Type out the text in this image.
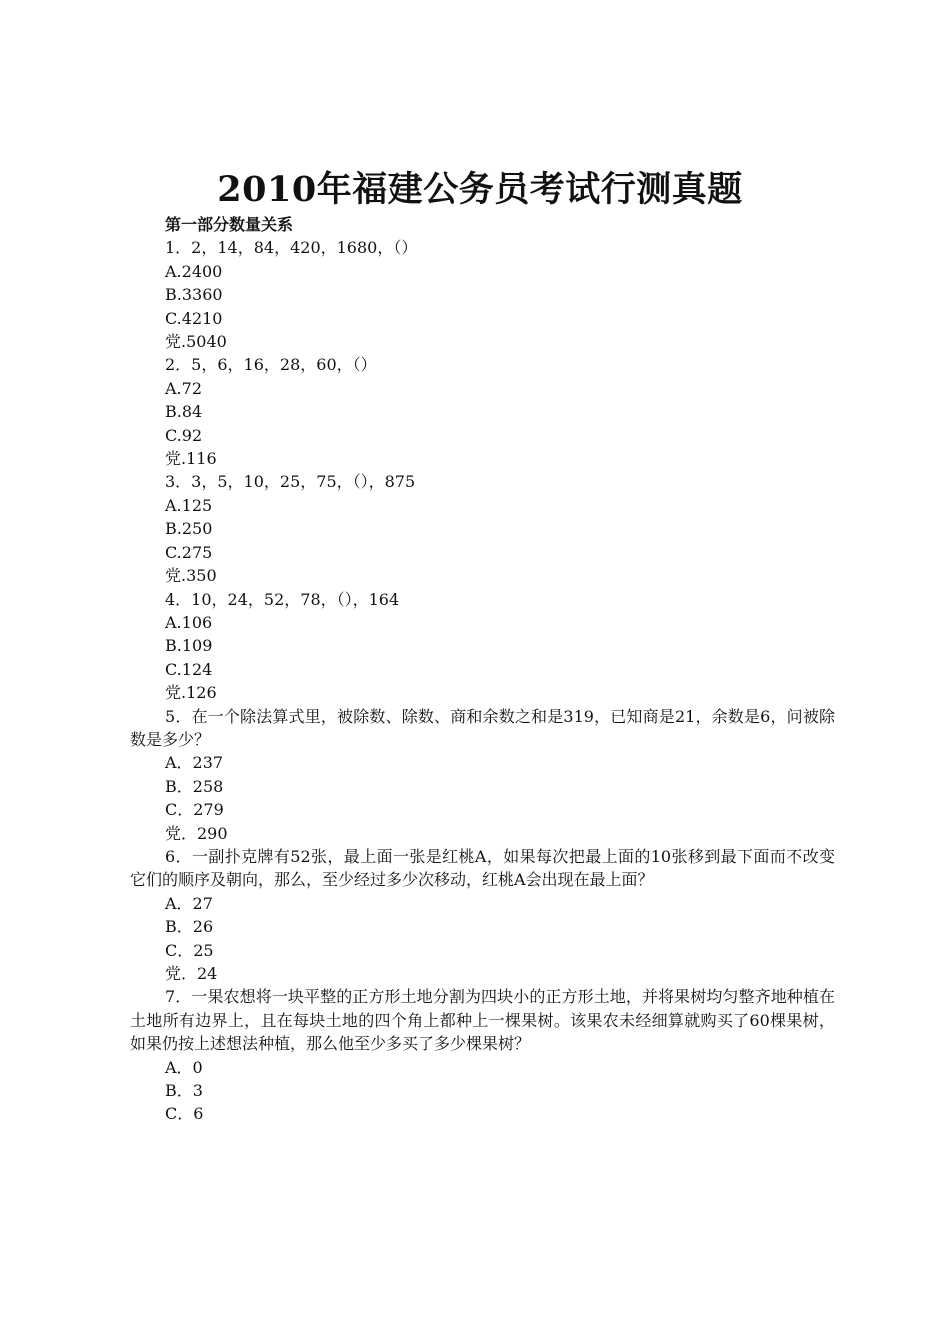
2010年福建公务员考试行测真题
第一部分数量关系
1．2，14，84，420，1680，（）
A.2400
B.3360
C.4210
党.5040
2．5，6，16，28，60，（）
A.72
B.84
C.92
党.116
3．3，5，10，25，75，（），875
A.125
B.250
C.275
党.350
4．10，24，52，78，（），164
A.106
B.109
C.124
党.126
5．在一个除法算式里，被除数、除数、商和余数之和是319，已知商是21，余数是6，问被除数是多少？
A．237
B．258
C．279
党．290
6．一副扑克牌有52张，最上面一张是红桃A，如果每次把最上面的10张移到最下面而不改变它们的顺序及朝向，那么，至少经过多少次移动，红桃A会出现在最上面？
A．27
B．26
C．25
党．24
7．一果农想将一块平整的正方形土地分割为四块小的正方形土地，并将果树均匀整齐地种植在土地所有边界上，且在每块土地的四个角上都种上一棵果树。该果农未经细算就购买了60棵果树，如果仍按上述想法种植，那么他至少多买了多少棵果树？
A．0
B．3
C．6
